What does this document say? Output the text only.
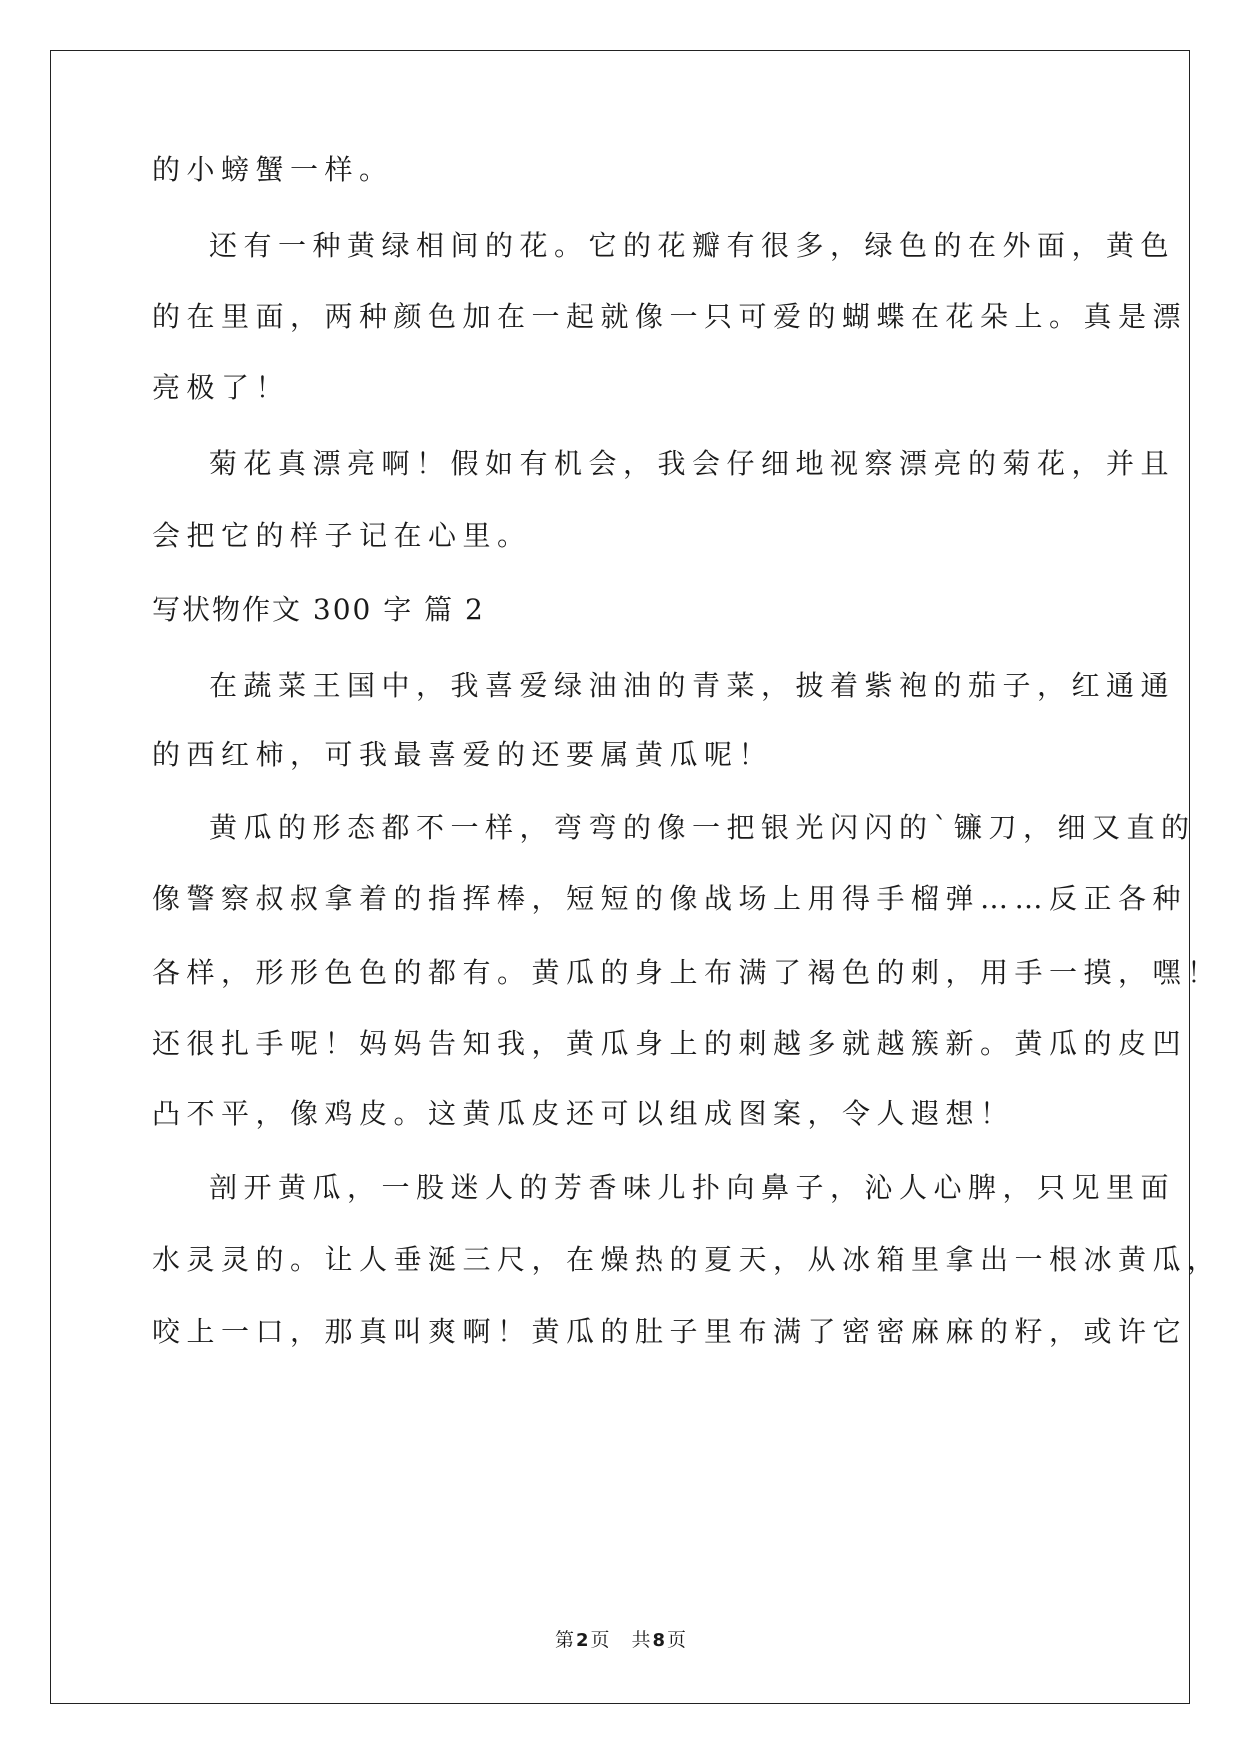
的小螃蟹一样。
还有一种黄绿相间的花。它的花瓣有很多，绿色的在外面，黄色
的在里面，两种颜色加在一起就像一只可爱的蝴蝶在花朵上。真是漂
亮极了！
菊花真漂亮啊！假如有机会，我会仔细地视察漂亮的菊花，并且
会把它的样子记在心里。
写状物作文 300 字 篇 2
在蔬菜王国中，我喜爱绿油油的青菜，披着紫袍的茄子，红通通
的西红柿，可我最喜爱的还要属黄瓜呢！
黄瓜的形态都不一样，弯弯的像一把银光闪闪的`镰刀，细又直的
像警察叔叔拿着的指挥棒，短短的像战场上用得手榴弹……反正各种
各样，形形色色的都有。黄瓜的身上布满了褐色的刺，用手一摸，嘿！
还很扎手呢！妈妈告知我，黄瓜身上的刺越多就越簇新。黄瓜的皮凹
凸不平，像鸡皮。这黄瓜皮还可以组成图案，令人遐想！
剖开黄瓜，一股迷人的芳香味儿扑向鼻子，沁人心脾，只见里面
水灵灵的。让人垂涎三尺，在燥热的夏天，从冰箱里拿出一根冰黄瓜，
咬上一口，那真叫爽啊！黄瓜的肚子里布满了密密麻麻的籽，或许它
第 2 页 共 8 页
